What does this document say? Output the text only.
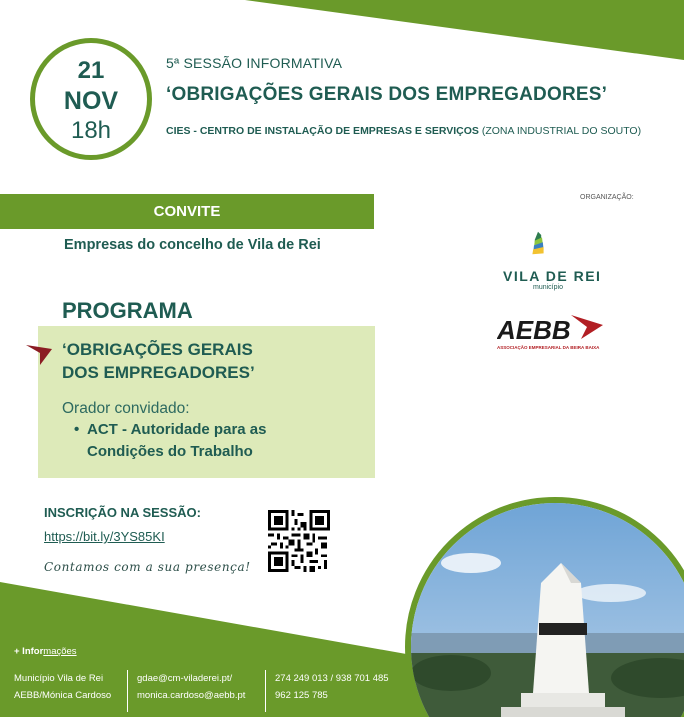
21
NOV
18h
5ª SESSÃO INFORMATIVA
‘OBRIGAÇÕES GERAIS DOS EMPREGADORES’
CIES - CENTRO DE INSTALAÇÃO DE EMPRESAS E SERVIÇOS (ZONA INDUSTRIAL DO SOUTO)
CONVITE
Empresas do concelho de Vila de Rei
ORGANIZAÇÃO:
VILA DE REI
município
AEBB
ASSOCIAÇÃO EMPRESARIAL DA BEIRA BAIXA
PROGRAMA
‘OBRIGAÇÕES GERAIS
DOS EMPREGADORES’
Orador convidado:
• ACT - Autoridade para as
Condições do Trabalho
INSCRIÇÃO NA SESSÃO:
https://bit.ly/3YS85KI
Contamos com a sua presença!
+ Informações
Município Vila de Rei
AEBB/Mónica Cardoso
gdae@cm-viladerei.pt/
monica.cardoso@aebb.pt
274 249 013 / 938 701 485
962 125 785
